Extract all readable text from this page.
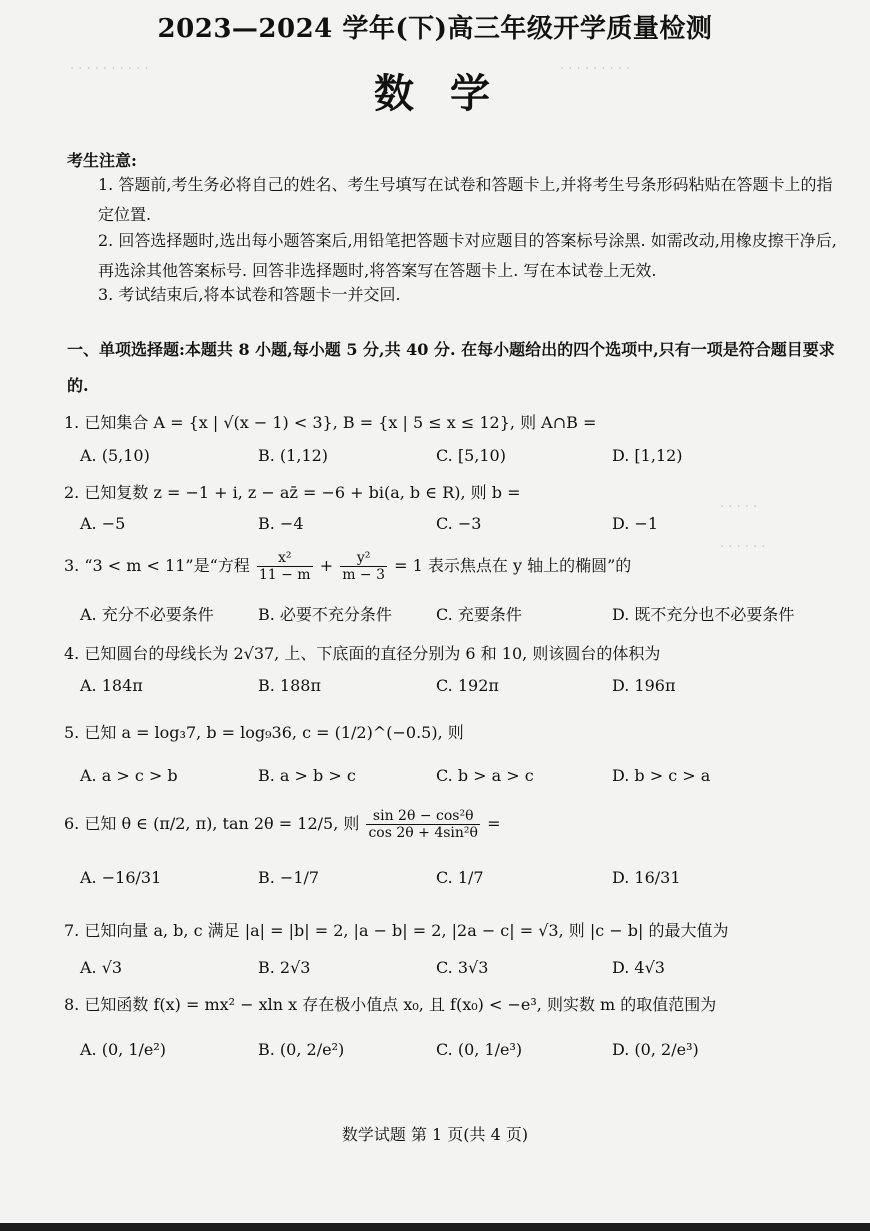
· · · · · · · · · ·	· · · · · · · · ·
· · · · ·
· · · · · ·
2023—2024 学年(下)高三年级开学质量检测
数学
考生注意:
1. 答题前,考生务必将自己的姓名、考生号填写在试卷和答题卡上,并将考生号条形码粘贴在答题卡上的指定位置.
2. 回答选择题时,选出每小题答案后,用铅笔把答题卡对应题目的答案标号涂黑. 如需改动,用橡皮擦干净后,再选涂其他答案标号. 回答非选择题时,将答案写在答题卡上. 写在本试卷上无效.
3. 考试结束后,将本试卷和答题卡一并交回.
一、单项选择题:本题共 8 小题,每小题 5 分,共 40 分. 在每小题给出的四个选项中,只有一项是符合题目要求的.
1. 已知集合 A = {x | √(x − 1) < 3}, B = {x | 5 ≤ x ≤ 12}, 则 A∩B =
A. (5,10)	B. (1,12)	C. [5,10)	D. [1,12)
2. 已知复数 z = −1 + i, z − az̄ = −6 + bi(a, b ∈ R), 则 b =
A. −5	B. −4	C. −3	D. −1
3. “3 < m < 11”是“方程 $\frac{\text{x²}}{11 - m} + \frac{\text{y²}}{m - 3} = 1$ 表示焦点在 y 轴上的椭圆”的
A. 充分不必要条件	B. 必要不充分条件	C. 充要条件	D. 既不充分也不必要条件
4. 已知圆台的母线长为 2√37, 上、下底面的直径分别为 6 和 10, 则该圆台的体积为
A. 184π	B. 188π	C. 192π	D. 196π
5. 已知 a = log₃7, b = log₉36, c = (1/2)^(−0.5), 则
A. a > c > b	B. a > b > c	C. b > a > c	D. b > c > a
6. 已知 θ ∈ (π/2, π), tan 2θ = 12/5, 则 $\frac{\text{sin 2θ − cos²θ}}{\text{cos 2θ + 4sin²θ}}$ =
A. −16/31	B. −1/7	C. 1/7	D. 16/31
7. 已知向量 a, b, c 满足 |a| = |b| = 2, |a − b| = 2, |2a − c| = √3, 则 |c − b| 的最大值为
A. √3	B. 2√3	C. 3√3	D. 4√3
8. 已知函数 f(x) = mx² − xln x 存在极小值点 x₀, 且 f(x₀) < −e³, 则实数 m 的取值范围为
A. (0, 1/e²)	B. (0, 2/e²)	C. (0, 1/e³)	D. (0, 2/e³)
数学试题 第 1 页(共 4 页)
